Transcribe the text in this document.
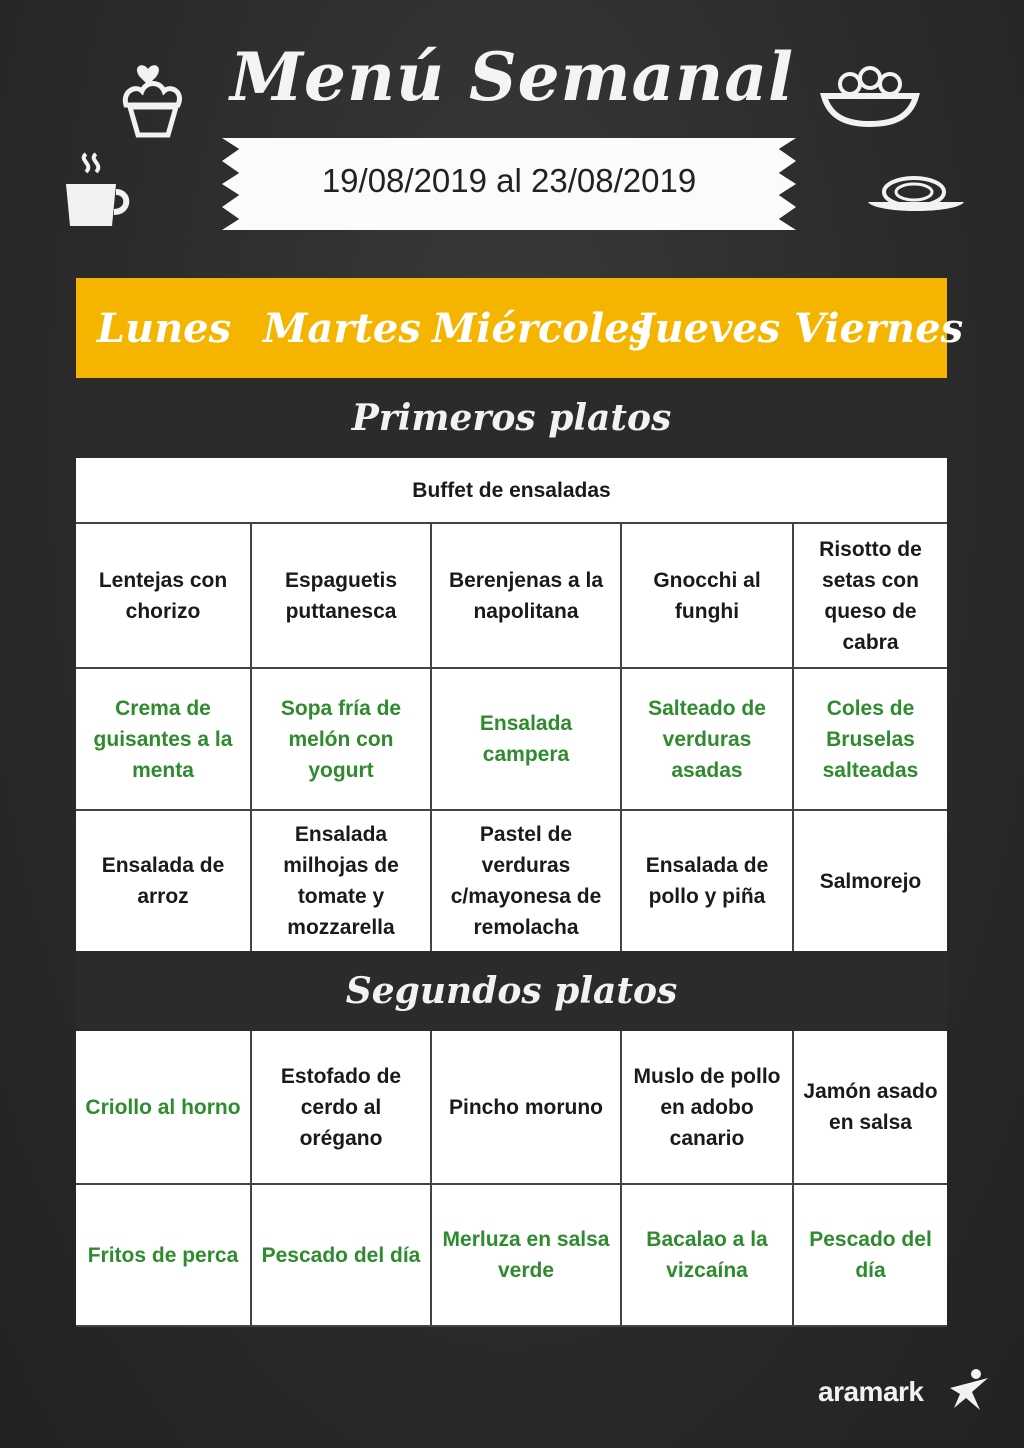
Menú Semanal
19/08/2019 al 23/08/2019
Lunes Martes Miércoles
Jueves Viernes
Primeros platos
Buffet de ensaladas
Lentejas con chorizo
Espaguetis puttanesca
Berenjenas a la napolitana
Gnocchi al funghi
Risotto de setas con queso de cabra
Crema de guisantes a la menta
Sopa fría de melón con yogurt
Ensalada campera
Salteado de verduras asadas
Coles de Bruselas salteadas
Ensalada de arroz
Ensalada milhojas de tomate y mozzarella
Pastel de verduras c/mayonesa de remolacha
Ensalada de pollo y piña
Salmorejo
Segundos platos
Criollo al horno
Estofado de cerdo al orégano
Pincho moruno
Muslo de pollo en adobo canario
Jamón asado en salsa
Fritos de perca	Pescado del día
Merluza en salsa verde
Bacalao a la vizcaína
Pescado del día
aramark
